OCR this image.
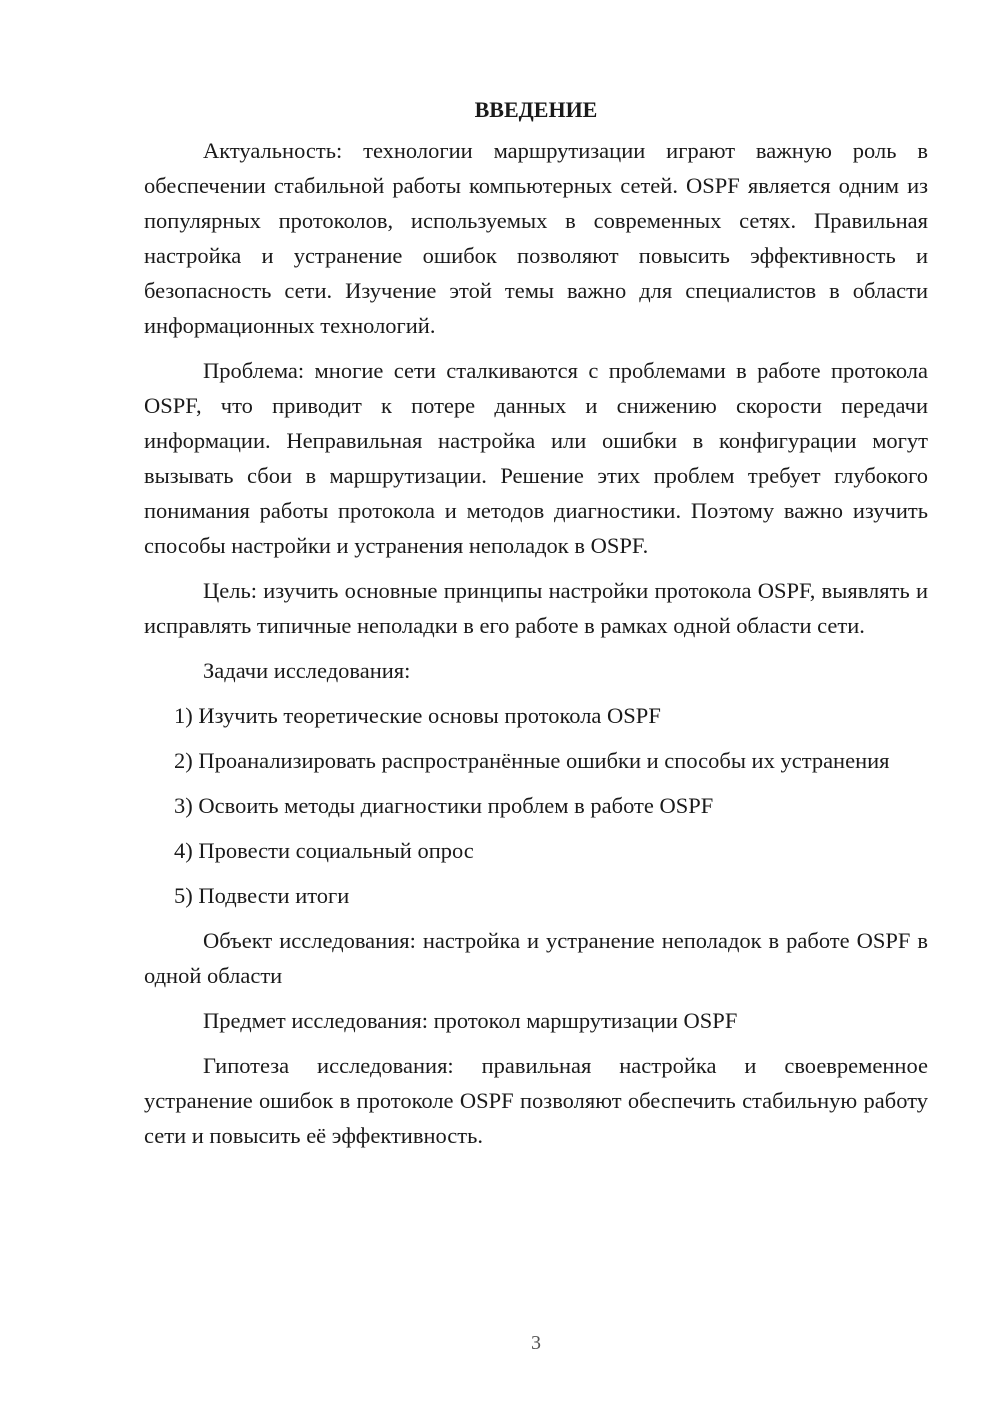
ВВЕДЕНИЕ

Актуальность: технологии маршрутизации играют важную роль в обеспечении стабильной работы компьютерных сетей. OSPF является одним из популярных протоколов, используемых в современных сетях. Правильная настройка и устранение ошибок позволяют повысить эффективность и безопасность сети. Изучение этой темы важно для специалистов в области информационных технологий.

Проблема: многие сети сталкиваются с проблемами в работе протокола OSPF, что приводит к потере данных и снижению скорости передачи информации. Неправильная настройка или ошибки в конфигурации могут вызывать сбои в маршрутизации. Решение этих проблем требует глубокого понимания работы протокола и методов диагностики. Поэтому важно изучить способы настройки и устранения неполадок в OSPF.

Цель: изучить основные принципы настройки протокола OSPF, выявлять и исправлять типичные неполадки в его работе в рамках одной области сети.

Задачи исследования:

1) Изучить теоретические основы протокола OSPF

2) Проанализировать распространённые ошибки и способы их устранения

3) Освоить методы диагностики проблем в работе OSPF

4) Провести социальный опрос

5) Подвести итоги

Объект исследования: настройка и устранение неполадок в работе OSPF в одной области

Предмет исследования: протокол маршрутизации OSPF

Гипотеза исследования: правильная настройка и своевременное устранение ошибок в протоколе OSPF позволяют обеспечить стабильную работу сети и повысить её эффективность.

3
